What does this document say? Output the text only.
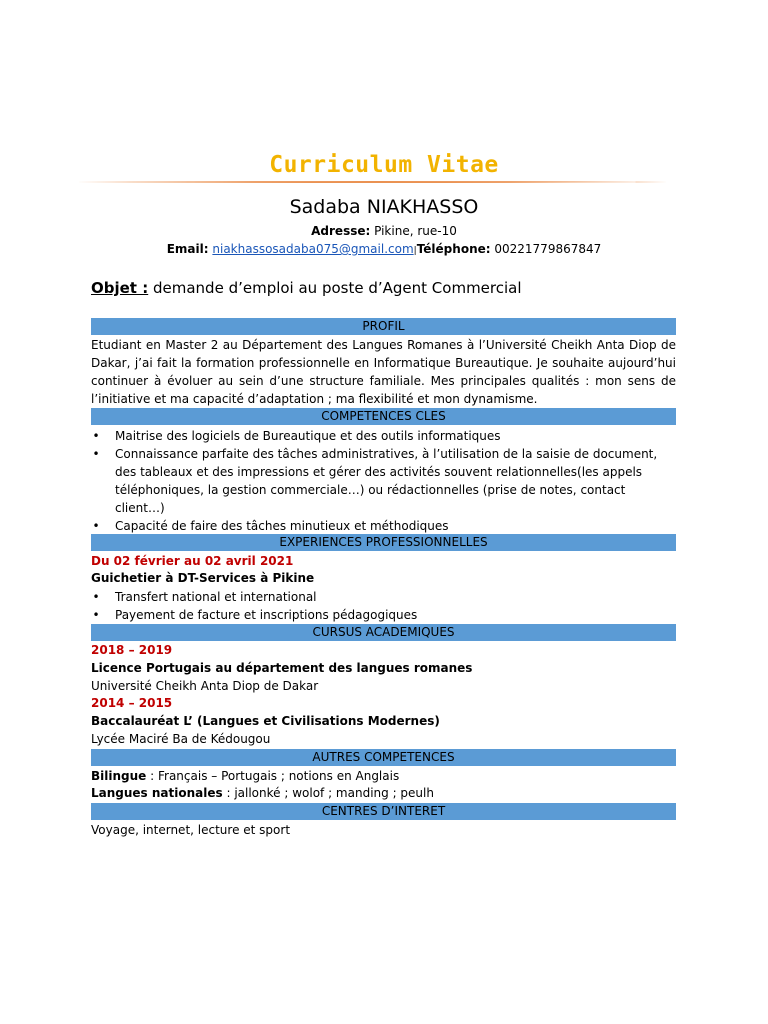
Curriculum Vitae
Sadaba NIAKHASSO
Adresse: Pikine, rue-10
Email: niakhassosadaba075@gmail.com|Téléphone: 00221779867847
Objet : demande d’emploi au poste d’Agent Commercial
PROFIL
Etudiant en Master 2 au Département des Langues Romanes à l’Université Cheikh Anta Diop de Dakar, j’ai fait la formation professionnelle en Informatique Bureautique. Je souhaite aujourd’hui continuer à évoluer au sein d’une structure familiale. Mes principales qualités : mon sens de l’initiative et ma capacité d’adaptation ; ma flexibilité et mon dynamisme.
COMPETENCES CLES
• Maitrise des logiciels de Bureautique et des outils informatiques
• Connaissance parfaite des tâches administratives, à l’utilisation de la saisie de document, des tableaux et des impressions et gérer des activités souvent relationnelles(les appels téléphoniques, la gestion commerciale…) ou rédactionnelles (prise de notes, contact client…)
• Capacité de faire des tâches minutieux et méthodiques
EXPERIENCES PROFESSIONNELLES
Du 02 février au 02 avril 2021
Guichetier à DT-Services à Pikine
• Transfert national et international
• Payement de facture et inscriptions pédagogiques
CURSUS ACADEMIQUES
2018 – 2019
Licence Portugais au département des langues romanes
Université Cheikh Anta Diop de Dakar
2014 – 2015
Baccalauréat L’ (Langues et Civilisations Modernes)
Lycée Maciré Ba de Kédougou
AUTRES COMPETENCES
Bilingue : Français – Portugais ; notions en Anglais
Langues nationales : jallonké ; wolof ; manding ; peulh
CENTRES D’INTERET
Voyage, internet, lecture et sport
